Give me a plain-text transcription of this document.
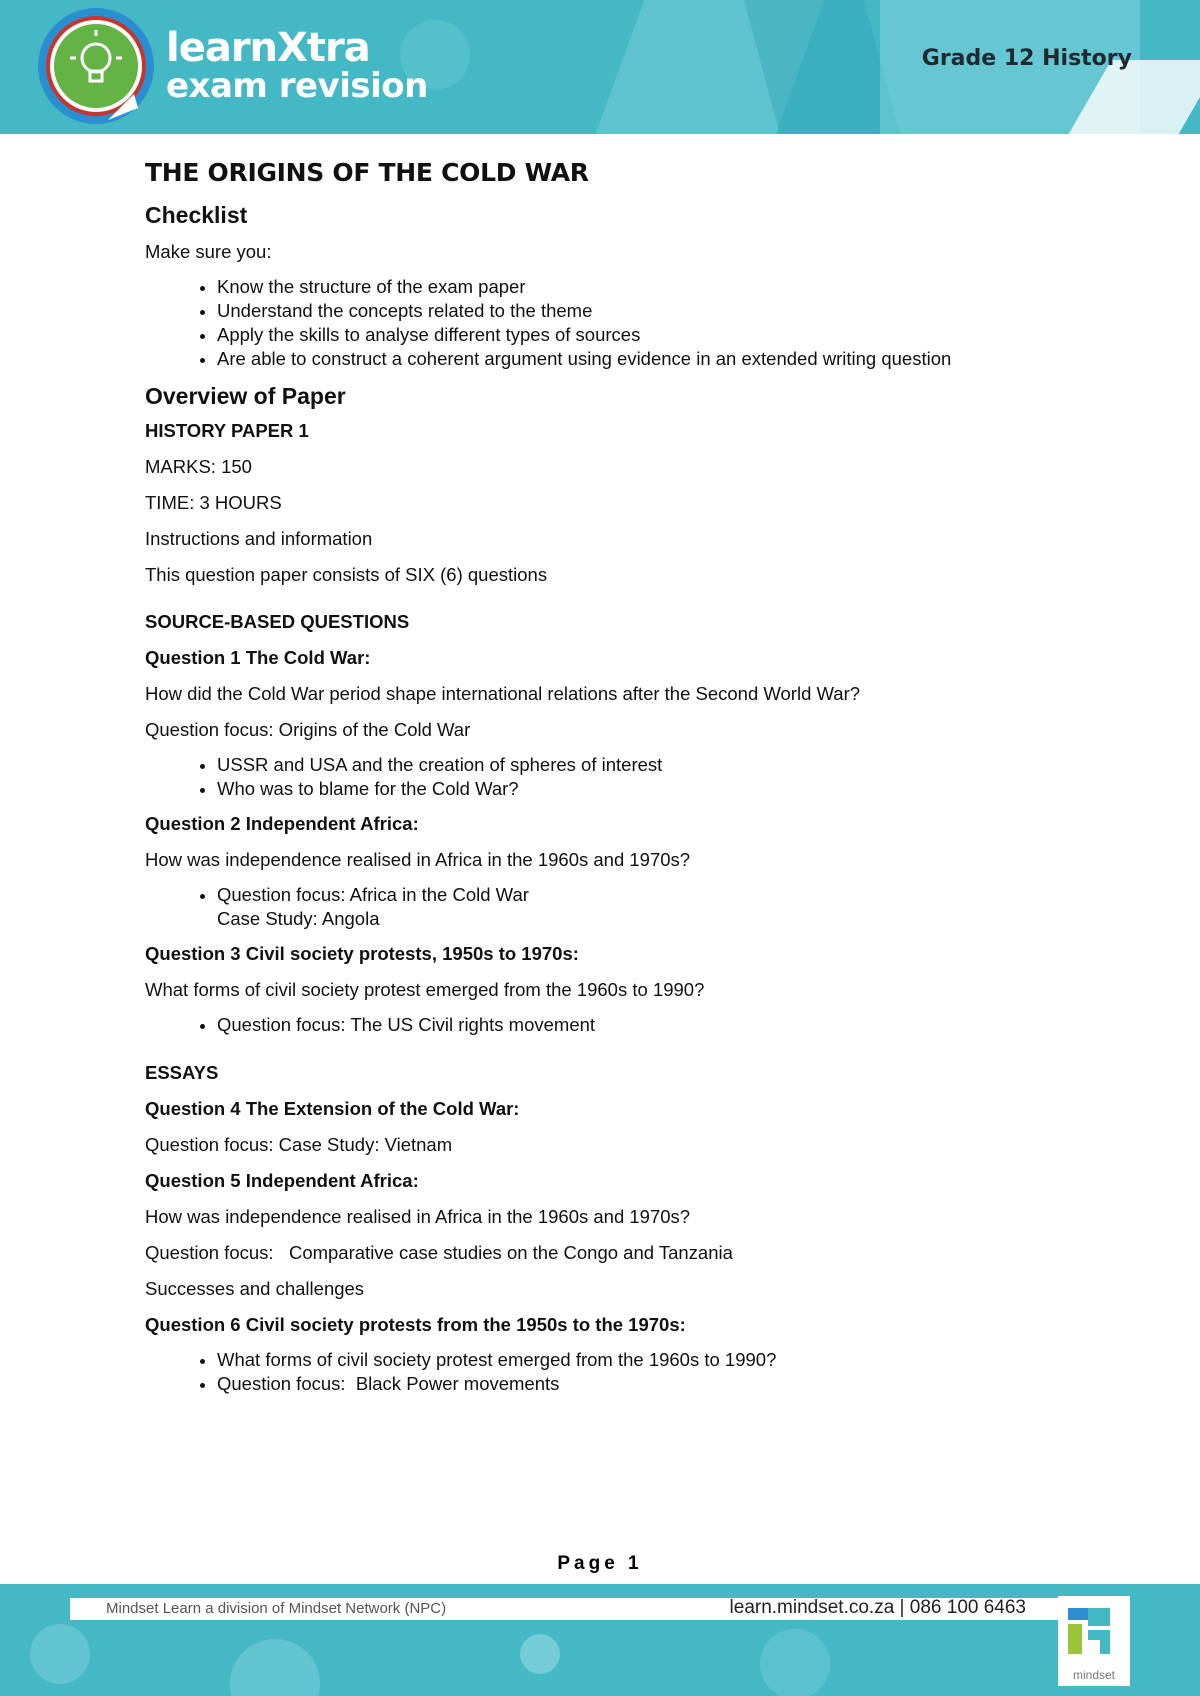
learnXtra
exam revision
Grade 12 History

THE ORIGINS OF THE COLD WAR

Checklist

Make sure you:

• Know the structure of the exam paper
• Understand the concepts related to the theme
• Apply the skills to analyse different types of sources
• Are able to construct a coherent argument using evidence in an extended writing question

Overview of Paper

HISTORY PAPER 1

MARKS: 150

TIME: 3 HOURS

Instructions and information

This question paper consists of SIX (6) questions

SOURCE-BASED QUESTIONS

Question 1 The Cold War:

How did the Cold War period shape international relations after the Second World War?

Question focus: Origins of the Cold War

• USSR and USA and the creation of spheres of interest
• Who was to blame for the Cold War?

Question 2 Independent Africa:

How was independence realised in Africa in the 1960s and 1970s?

• Question focus: Africa in the Cold War
Case Study: Angola

Question 3 Civil society protests, 1950s to 1970s:

What forms of civil society protest emerged from the 1960s to 1990?

• Question focus: The US Civil rights movement

ESSAYS

Question 4 The Extension of the Cold War:

Question focus: Case Study: Vietnam

Question 5 Independent Africa:

How was independence realised in Africa in the 1960s and 1970s?

Question focus:   Comparative case studies on the Congo and Tanzania

Successes and challenges

Question 6 Civil society protests from the 1950s to the 1970s:

• What forms of civil society protest emerged from the 1960s to 1990?
• Question focus:  Black Power movements
Page 1
Mindset Learn a division of Mindset Network (NPC)	learn.mindset.co.za | 086 100 6463
mindset
